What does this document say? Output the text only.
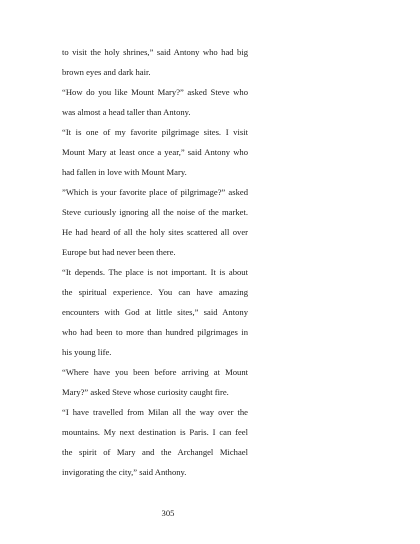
to visit the holy shrines,” said Antony who had big
brown eyes and dark hair.
“How do you like Mount Mary?” asked Steve who
was almost a head taller than Antony.
“It is one of my favorite pilgrimage sites. I visit
Mount Mary at least once a year,” said Antony who
had fallen in love with Mount Mary.
”Which is your favorite place of pilgrimage?” asked
Steve curiously ignoring all the noise of the market.
He had heard of all the holy sites scattered all over
Europe but had never been there.
“It depends. The place is not important. It is about
the spiritual experience. You can have amazing
encounters with God at little sites,” said Antony
who had been to more than hundred pilgrimages in
his young life.
“Where have you been before arriving at Mount
Mary?” asked Steve whose curiosity caught fire.
“I have travelled from Milan all the way over the
mountains. My next destination is Paris. I can feel
the spirit of Mary and the Archangel Michael
invigorating the city,” said Anthony.
305
